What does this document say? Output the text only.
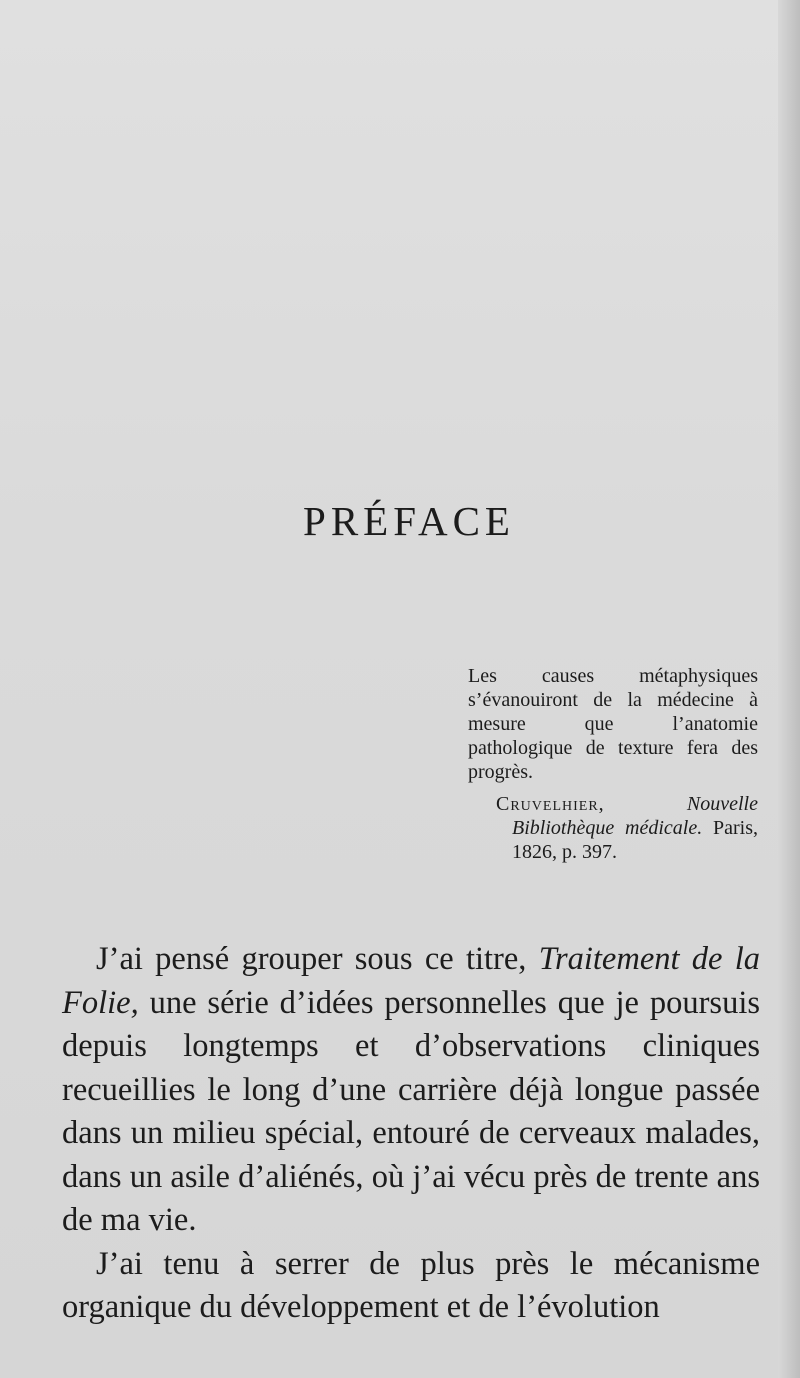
PRÉFACE

Les causes métaphysiques s’évanouiront de la médecine à mesure que l’anatomie pathologique de texture fera des progrès.

Cruvelhier,	Nouvelle Bibliothèque médicale. Paris, 1826, p. 397.

J’ai pensé grouper sous ce titre, Traitement de la Folie, une série d’idées personnelles que je poursuis depuis longtemps et d’observations cliniques recueillies le long d’une carrière déjà longue passée dans un milieu spécial, entouré de cerveaux malades, dans un asile d’aliénés, où j’ai vécu près de trente ans de ma vie.

J’ai tenu à serrer de plus près le mécanisme organique du développement et de l’évolution
